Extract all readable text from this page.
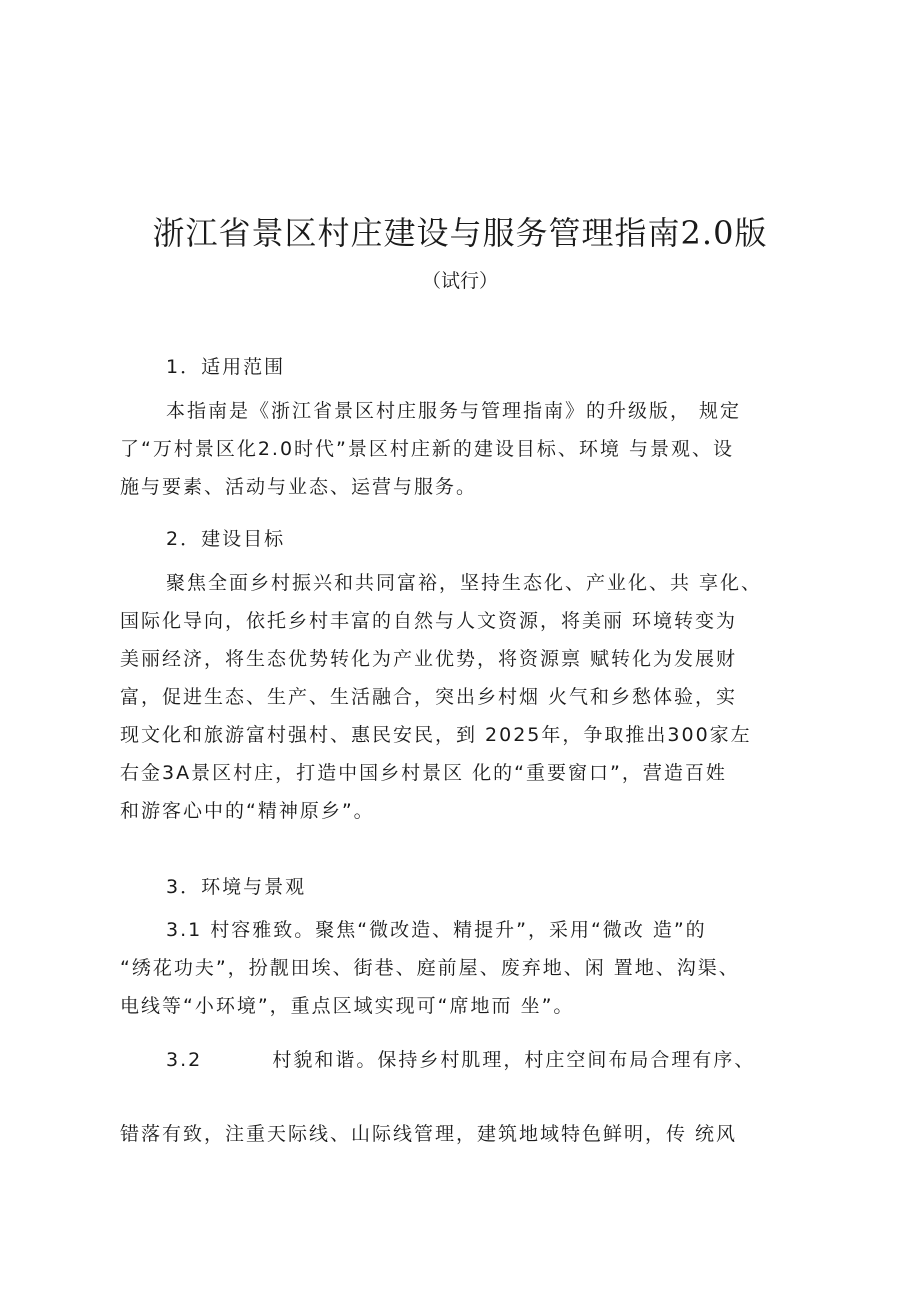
浙江省景区村庄建设与服务管理指南2.0版

（试行）

1．适用范围
本指南是《浙江省景区村庄服务与管理指南》的升级版， 规定
了“万村景区化2.0时代”景区村庄新的建设目标、环境 与景观、设
施与要素、活动与业态、运营与服务。
2．建设目标
聚焦全面乡村振兴和共同富裕，坚持生态化、产业化、共 享化、
国际化导向，依托乡村丰富的自然与人文资源，将美丽 环境转变为
美丽经济，将生态优势转化为产业优势，将资源禀 赋转化为发展财
富，促进生态、生产、生活融合，突出乡村烟 火气和乡愁体验，实
现文化和旅游富村强村、惠民安民，到 2025年，争取推出300家左
右金3A景区村庄，打造中国乡村景区 化的“重要窗口”，营造百姓
和游客心中的“精神原乡”。
3．环境与景观
3.1 村容雅致。聚焦“微改造、精提升”，采用“微改 造”的
“绣花功夫”，扮靓田埃、街巷、庭前屋、废弃地、闲 置地、沟渠、
电线等“小环境”，重点区域实现可“席地而 坐”。
3.2	村貌和谐。保持乡村肌理，村庄空间布局合理有序、
错落有致，注重天际线、山际线管理，建筑地域特色鲜明，传 统风
